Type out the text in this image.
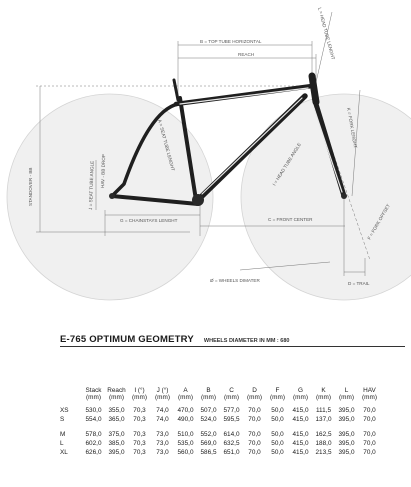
B = TOP TUBE HORIZONTAL
REACH	L = HEAD TUBE LENGHT
K = FORK LENGHT
J = SEAT TUBE ANGLE HAV - BB DROP	A = SEAT TUBE LENGHT	I = HEAD TUBE ANGLE
STANDOVER - BB
G = CHAINSTAYS LENGHT	C = FRONT CENTER	F = FORK OFFSET
Ø = WHEELS DIMATER
D = TRAIL
E-765 OPTIMUM GEOMETRY WHEELS DIAMETER IN MM : 680
	Stack	Reach	I (°)	J (°)	A	B	C	D	F	G	K	L	HAV
	(mm)	(mm)	(mm)	(mm)	(mm)	(mm)	(mm)	(mm)	(mm)	(mm)	(mm)	(mm)	(mm)

XS	530,0	355,0	70,3	74,0	470,0	507,0	577,0	70,0	50,0	415,0	111,5	395,0	70,0
S	554,0	365,0	70,3	74,0	490,0	524,0	595,5	70,0	50,0	415,0	137,0	395,0	70,0

M	578,0	375,0	70,3	73,0	510,0	552,0	614,0	70,0	50,0	415,0	162,5	395,0	70,0
L	602,0	385,0	70,3	73,0	535,0	569,0	632,5	70,0	50,0	415,0	188,0	395,0	70,0
XL	626,0	395,0	70,3	73,0	560,0	586,5	651,0	70,0	50,0	415,0	213,5	395,0	70,0
